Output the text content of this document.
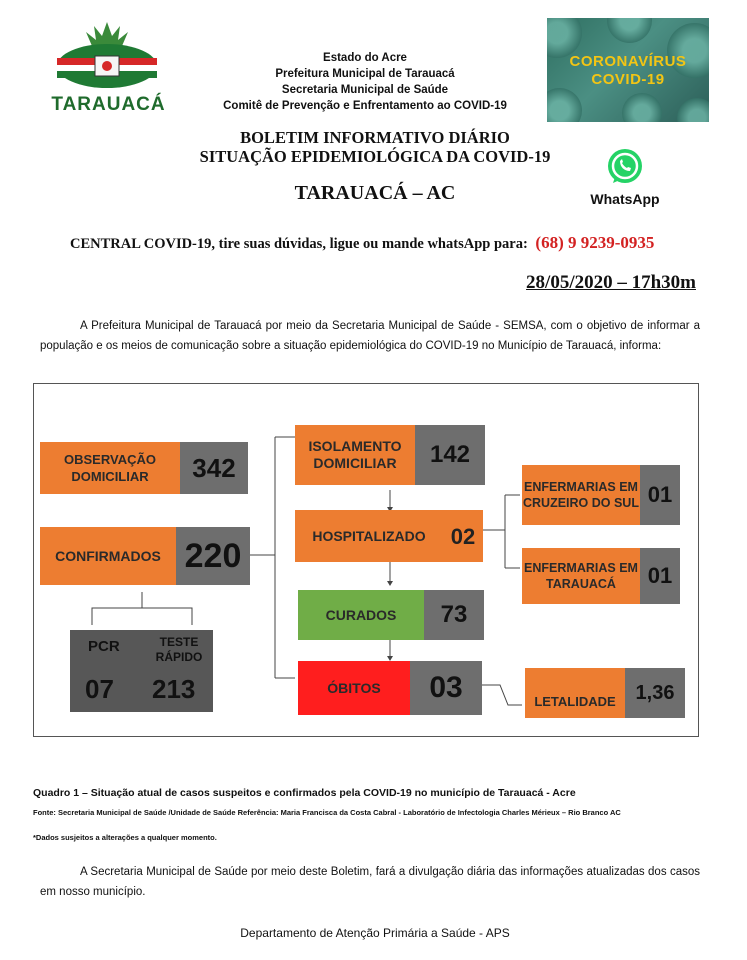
TARAUACÁ
Estado do Acre
Prefeitura Municipal de Tarauacá
Secretaria Municipal de Saúde
Comitê de Prevenção e Enfrentamento ao COVID-19
CORONAVÍRUS
COVID-19
BOLETIM INFORMATIVO DIÁRIO
SITUAÇÃO EPIDEMIOLÓGICA DA COVID-19
TARAUACÁ – AC	WhatsApp
CENTRAL COVID-19, tire suas dúvidas, ligue ou mande whatsApp para: (68) 9 9239-0935
28/05/2020 – 17h30m
A Prefeitura Municipal de Tarauacá por meio da Secretaria Municipal de Saúde - SEMSA, com o objetivo de informar a população e os meios de comunicação sobre a situação epidemiológica do COVID-19 no Município de Tarauacá, informa:
OBSERVAÇÃO DOMICILIAR	342
CONFIRMADOS 220
PCR	TESTE RÁPIDO
07 213
ISOLAMENTO DOMICILIAR	142
HOSPITALIZADO	02
CURADOS	73
ÓBITOS	03
ENFERMARIAS EM CRUZEIRO DO SUL 01
ENFERMARIAS EM TARAUACÁ	01
LETALIDADE 1,36
Quadro 1 – Situação atual de casos suspeitos e confirmados pela COVID-19 no município de Tarauacá - Acre
Fonte: Secretaria Municipal de Saúde /Unidade de Saúde Referência: Maria Francisca da Costa Cabral - Laboratório de Infectologia Charles Mérieux – Rio Branco AC
*Dados susjeitos a alterações a qualquer momento.
A Secretaria Municipal de Saúde por meio deste Boletim, fará a divulgação diária das informações atualizadas dos casos em nosso município.
Departamento de Atenção Primária a Saúde - APS
